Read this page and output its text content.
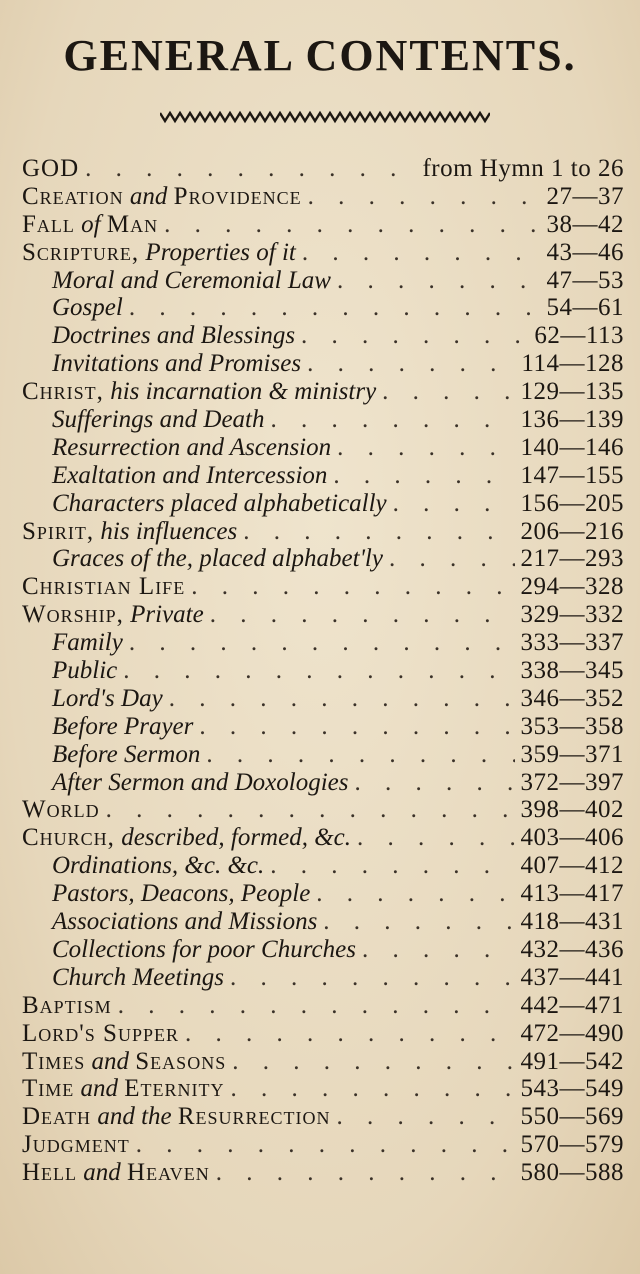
GENERAL CONTENTS.
GOD . . .	from Hymn 1 to 26
Creation and Providence . . .	27—37
Fall of Man . . .	38—42
Scripture, Properties of it . . .	43—46
Moral and Ceremonial Law . . .	47—53
Gospel . . .	54—61
Doctrines and Blessings . . .	62—113
Invitations and Promises . . .	114—128
Christ, his incarnation & ministry . . .	129—135
Sufferings and Death . . .	136—139
Resurrection and Ascension . . .	140—146
Exaltation and Intercession . . .	147—155
Characters placed alphabetically . . .	156—205
Spirit, his influences . . .	206—216
Graces of the, placed alphabet'ly . . .	217—293
Christian Life . . .	294—328
Worship, Private . . .	329—332
Family . . .	333—337
Public . . .	338—345
Lord's Day . . .	346—352
Before Prayer . . .	353—358
Before Sermon . . .	359—371
After Sermon and Doxologies . . .	372—397
World . . .	398—402
Church, described, formed, &c. . . .	403—406
Ordinations, &c. &c. . . .	407—412
Pastors, Deacons, People . . .	413—417
Associations and Missions . . .	418—431
Collections for poor Churches . . .	432—436
Church Meetings . . .	437—441
Baptism . . .	442—471
Lord's Supper . . .	472—490
Times and Seasons . . .	491—542
Time and Eternity . . .	543—549
Death and the Resurrection . . .	550—569
Judgment . . .	570—579
Hell and Heaven . . .	580—588
